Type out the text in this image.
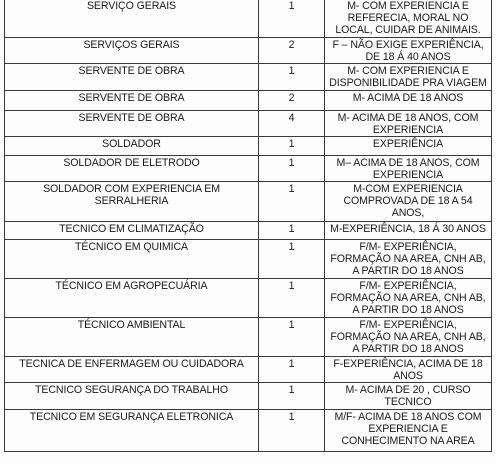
SERVIÇO GERAIS	1	M- COM EXPERIENCIA E REFERECIA, MORAL NO LOCAL, CUIDAR DE ANIMAIS.
SERVIÇOS GERAIS	2	F – NÃO EXIGE EXPERIÊNCIA, DE 18 Á 40 ANOS
SERVENTE DE OBRA	1	M- COM EXPERIENCIA E DISPONIBILIDADE PRA VIAGEM
SERVENTE DE OBRA	2	M- ACIMA DE 18 ANOS
SERVENTE DE OBRA	4	M- ACIMA DE 18 ANOS, COM EXPERIENCIA
SOLDADOR	1	EXPERIÊNCIA
SOLDADOR DE ELETRODO	1	M– ACIMA DE 18 ANOS, COM EXPERIENCIA
SOLDADOR COM EXPERIENCIA EM SERRALHERIA	1	M-COM EXPERIENCIA COMPROVADA DE 18 A 54 ANOS,
TECNICO EM CLIMATIZAÇÃO	1	M-EXPERIÊNCIA, 18 Á 30 ANOS
TÉCNICO EM QUIMICA	1	F/M- EXPERIÊNCIA, FORMAÇÃO NA AREA, CNH AB, A PARTIR DO 18 ANOS
TÉCNICO EM AGROPECUÁRIA	1	F/M- EXPERIÊNCIA, FORMAÇÃO NA AREA, CNH AB, A PARTIR DO 18 ANOS
TÉCNICO AMBIENTAL	1	F/M- EXPERIÊNCIA, FORMAÇÃO NA AREA, CNH AB, A PARTIR DO 18 ANOS
TECNICA DE ENFERMAGEM OU CUIDADORA	1	F-EXPERIÊNCIA, ACIMA DE 18 ANOS
TECNICO SEGURANÇA DO TRABALHO	1	M- ACIMA DE 20 , CURSO TECNICO
TECNICO EM SEGURANÇA ELETRONICA	1	M/F- ACIMA DE 18 ANOS COM EXPERIENCIA E CONHECIMENTO NA AREA
